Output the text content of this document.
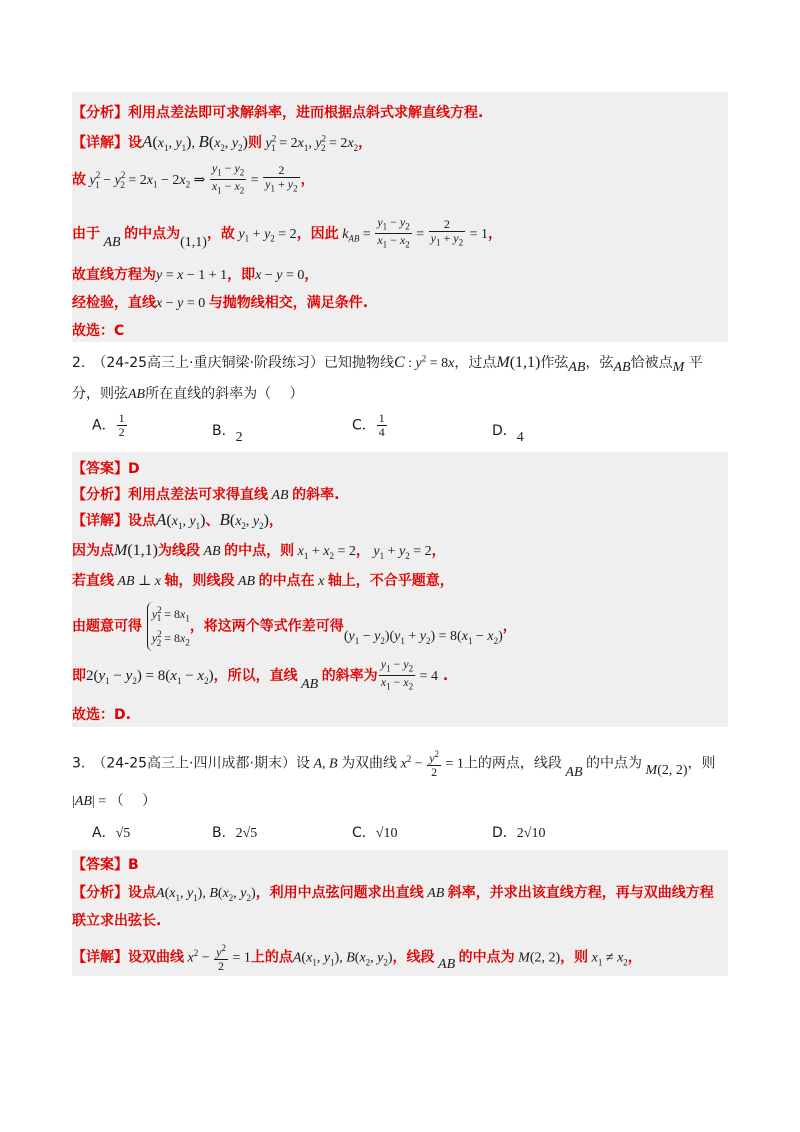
【分析】利用点差法即可求解斜率，进而根据点斜式求解直线方程.
【详解】设$A(x_1$, $y_1$), $B(x_2$, $y_2$)则 $y^2_1 = 2x_1$, $y^2_2 = 2x_2$，
故 $y^2_1 - y^2_2 = 2x_1 - 2x_2$ ⇒ $\frac{y_1 - y_2}{x_1 - x_2} = \frac{2}{y_1 + y_2}$ ，
由于 AB 的中点为(1,1)，故 $y_1 + y_2 = 2$，因此 $k_{AB} = \frac{y_1 - y_2}{x_1 - x_2} = \frac{2}{y_1 + y_2} = 1$，
故直线方程为y = x − 1 + 1，即x − y = 0，
经检验，直线x − y = 0 与抛物线相交，满足条件.
故选：C
2.　 （24-25高三上·重庆铜梁·阶段练习）已知抛物线C : $y^2 = 8x$，过点M(1,1)作弦AB，弦AB恰被点M 平
分，则弦AB所在直线的斜率为（　 ）
A． $\frac{1}{2}$	B．2
C． $\frac{1}{4}$	D．4
【答案】D
【分析】利用点差法可求得直线 AB 的斜率.
【详解】设点$A(x_1$, $y_1$)、$B(x_2$, $y_2$)，
因为点M(1,1)为线段 AB 的中点，则 $x_1 + x_2 = 2$， $y_1 + y_2 = 2$，
若直线 AB ⊥ x 轴，则线段 AB 的中点在 x 轴上，不合乎题意，
由题意可得
$y^2_1 = 8x_1$
$y^2_2 = 8x_2$
，将这两个等式作差可得$(y_1 - y_2)(y_1 + y_2) = 8(x_1 - x_2)$，
即$2(y_1 - y_2) = 8(x_1 - x_2)$，所以，直线 AB 的斜率为 $\frac{y_1 - y_2}{x_1 - x_2} = 4$ .
故选：D.
3.　 （24-25高三上·四川成都·期末）设 A, B 为双曲线 $x^2 - \frac{y^2}{2} = 1$上的两点，线段 AB 的中点为 M(2, 2)，则
|AB| = （　 ）
A．√5	B．2√5	C．√10	D．2√10
【答案】B
【分析】设点$A(x_1$, $y_1$), $B(x_2$, $y_2$)，利用中点弦问题求出直线 AB 斜率，并求出该直线方程，再与双曲线方程
联立求出弦长.
【详解】设双曲线 $x^2 - \frac{y^2}{2} = 1$上的点$A(x_1$, $y_1$), $B(x_2$, $y_2$)，线段 AB 的中点为 M(2, 2)，则 $x_1 \ne x_2$，
